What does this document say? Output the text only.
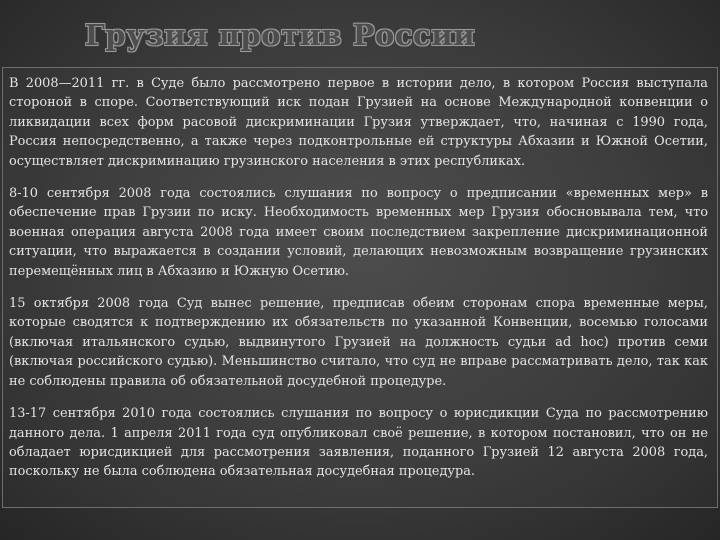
Грузия против России

В 2008—2011 гг. в Суде было рассмотрено первое в истории дело, в котором Россия выступала стороной в споре. Соответствующий иск подан Грузией на основе Международной конвенции о ликвидации всех форм расовой дискриминации Грузия утверждает, что, начиная с 1990 года, Россия непосредственно, а также через подконтрольные ей структуры Абхазии и Южной Осетии, осуществляет дискриминацию грузинского населения в этих республиках.

8-10 сентября 2008 года состоялись слушания по вопросу о предписании «временных мер» в обеспечение прав Грузии по иску. Необходимость временных мер Грузия обосновывала тем, что военная операция августа 2008 года имеет своим последствием закрепление дискриминационной ситуации, что выражается в создании условий, делающих невозможным возвращение грузинских перемещённых лиц в Абхазию и Южную Осетию.

15 октября 2008 года Суд вынес решение, предписав обеим сторонам спора временные меры, которые сводятся к подтверждению их обязательств по указанной Конвенции, восемью голосами (включая итальянского судью, выдвинутого Грузией на должность судьи ad hoc) против семи (включая российского судью). Меньшинство считало, что суд не вправе рассматривать дело, так как не соблюдены правила об обязательной досудебной процедуре.

13-17 сентября 2010 года состоялись слушания по вопросу о юрисдикции Суда по рассмотрению данного дела. 1 апреля 2011 года суд опубликовал своё решение, в котором постановил, что он не обладает юрисдикцией для рассмотрения заявления, поданного Грузией 12 августа 2008 года, поскольку не была соблюдена обязательная досудебная процедура.
